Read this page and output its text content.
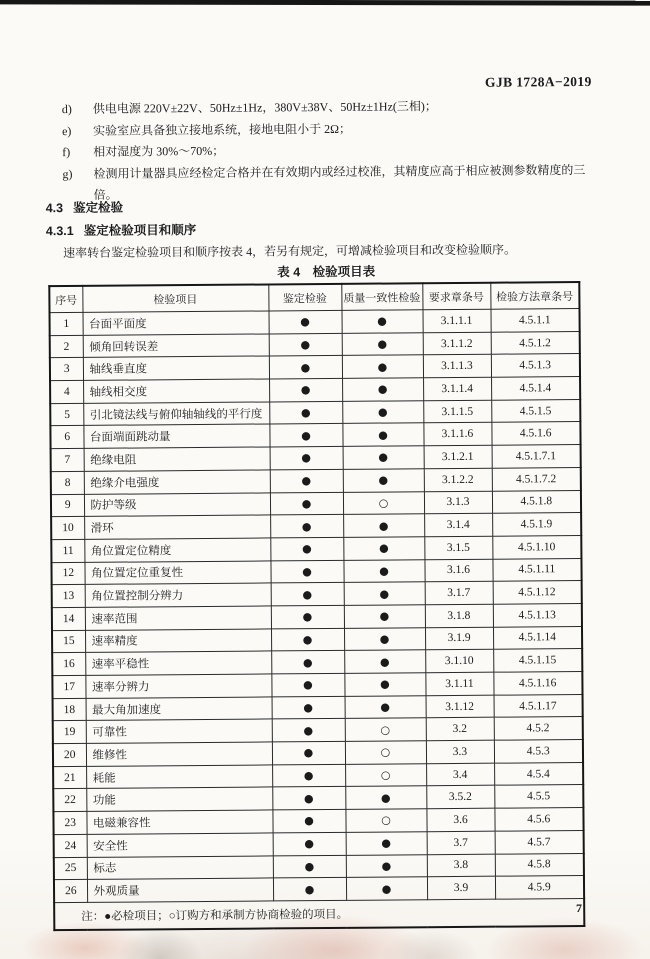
GJB 1728A−2019
d)	供电电源 220V±22V、50Hz±1Hz，380V±38V、50Hz±1Hz(三相)；
e)	实验室应具备独立接地系统，接地电阻小于 2Ω；
f)	相对湿度为 30%～70%；
g)	检测用计量器具应经检定合格并在有效期内或经过校准，其精度应高于相应被测参数精度的三倍。
4.3 鉴定检验
4.3.1 鉴定检验项目和顺序
速率转台鉴定检验项目和顺序按表 4，若另有规定，可增减检验项目和改变检验顺序。
表 4　检验项目表
序号	检验项目	鉴定检验	质量一致性检验	要求章条号	检验方法章条号
1	台面平面度	●	●	3.1.1.1	4.5.1.1
2	倾角回转误差	●	●	3.1.1.2	4.5.1.2
3	轴线垂直度	●	●	3.1.1.3	4.5.1.3
4	轴线相交度	●	●	3.1.1.4	4.5.1.4
5	引北镜法线与俯仰轴轴线的平行度	●	●	3.1.1.5	4.5.1.5
6	台面端面跳动量	●	●	3.1.1.6	4.5.1.6
7	绝缘电阻	●	●	3.1.2.1	4.5.1.7.1
8	绝缘介电强度	●	●	3.1.2.2	4.5.1.7.2
9	防护等级	●	○	3.1.3	4.5.1.8
10	滑环	●	●	3.1.4	4.5.1.9
11	角位置定位精度	●	●	3.1.5	4.5.1.10
12	角位置定位重复性	●	●	3.1.6	4.5.1.11
13	角位置控制分辨力	●	●	3.1.7	4.5.1.12
14	速率范围	●	●	3.1.8	4.5.1.13
15	速率精度	●	●	3.1.9	4.5.1.14
16	速率平稳性	●	●	3.1.10	4.5.1.15
17	速率分辨力	●	●	3.1.11	4.5.1.16
18	最大角加速度	●	●	3.1.12	4.5.1.17
19	可靠性	●	○	3.2	4.5.2
20	维修性	●	○	3.3	4.5.3
21	耗能	●	○	3.4	4.5.4
22	功能	●	●	3.5.2	4.5.5
23	电磁兼容性	●	○	3.6	4.5.6
24	安全性	●	●	3.7	4.5.7
25	标志	●	●	3.8	4.5.8
26	外观质量	●	●	3.9	4.5.9
注：●必检项目；○订购方和承制方协商检验的项目。					
7
